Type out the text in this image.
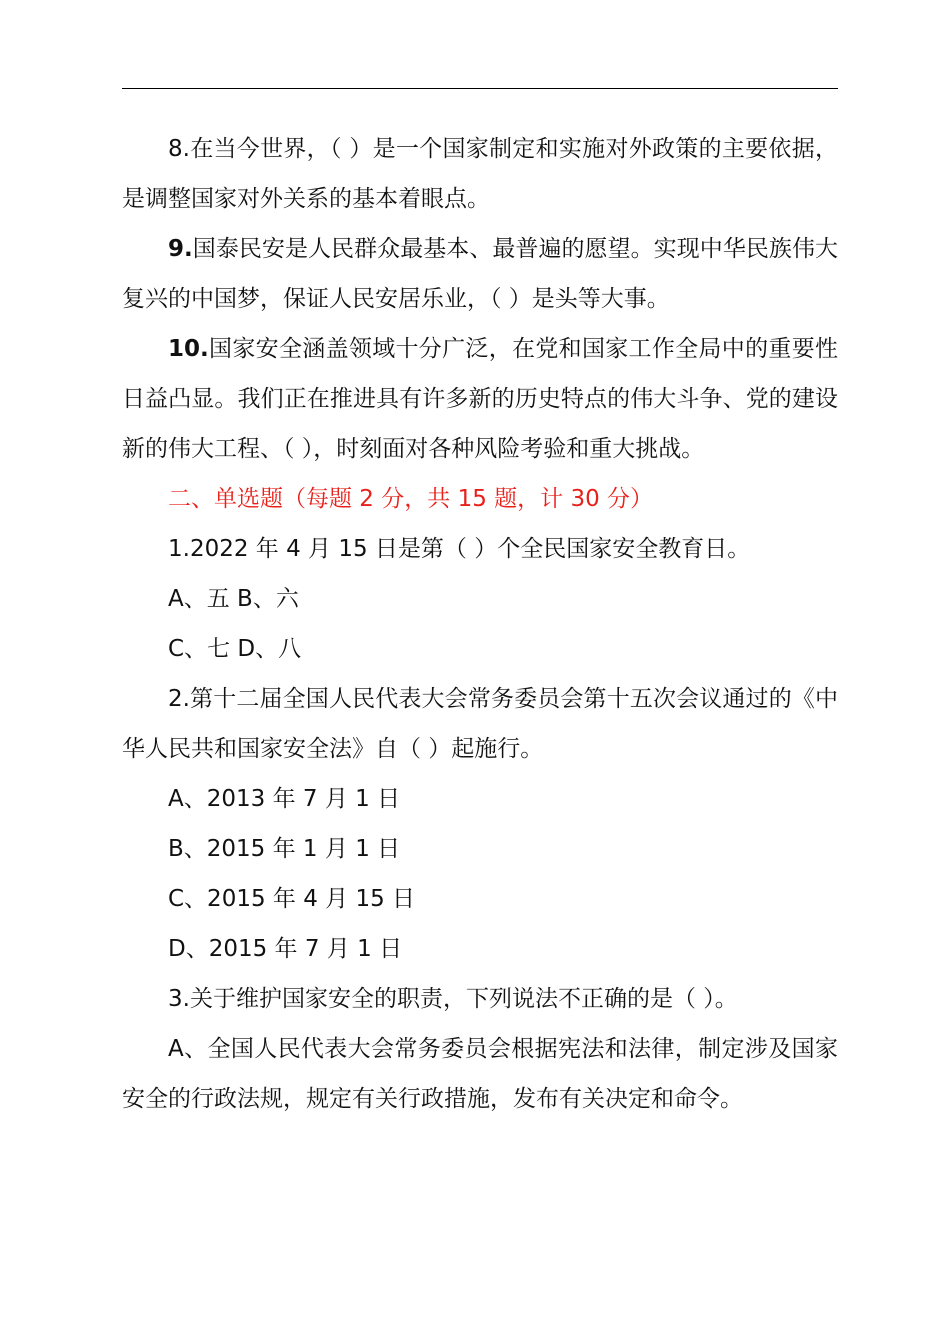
8.在当今世界，（ ）是一个国家制定和实施对外政策的主要依据，是调整国家对外关系的基本着眼点。

9.国泰民安是人民群众最基本、最普遍的愿望。实现中华民族伟大复兴的中国梦，保证人民安居乐业，（ ）是头等大事。

10.国家安全涵盖领域十分广泛，在党和国家工作全局中的重要性日益凸显。我们正在推进具有许多新的历史特点的伟大斗争、党的建设新的伟大工程、（ ），时刻面对各种风险考验和重大挑战。

二、单选题（每题 2 分，共 15 题，计 30 分）

1.2022 年 4 月 15 日是第（ ）个全民国家安全教育日。

A、五 B、六

C、七 D、八

2.第十二届全国人民代表大会常务委员会第十五次会议通过的《中华人民共和国家安全法》自（ ）起施行。

A、2013 年 7 月 1 日

B、2015 年 1 月 1 日

C、2015 年 4 月 15 日

D、2015 年 7 月 1 日

3.关于维护国家安全的职责，下列说法不正确的是（ ）。

A、全国人民代表大会常务委员会根据宪法和法律，制定涉及国家安全的行政法规，规定有关行政措施，发布有关决定和命令。
